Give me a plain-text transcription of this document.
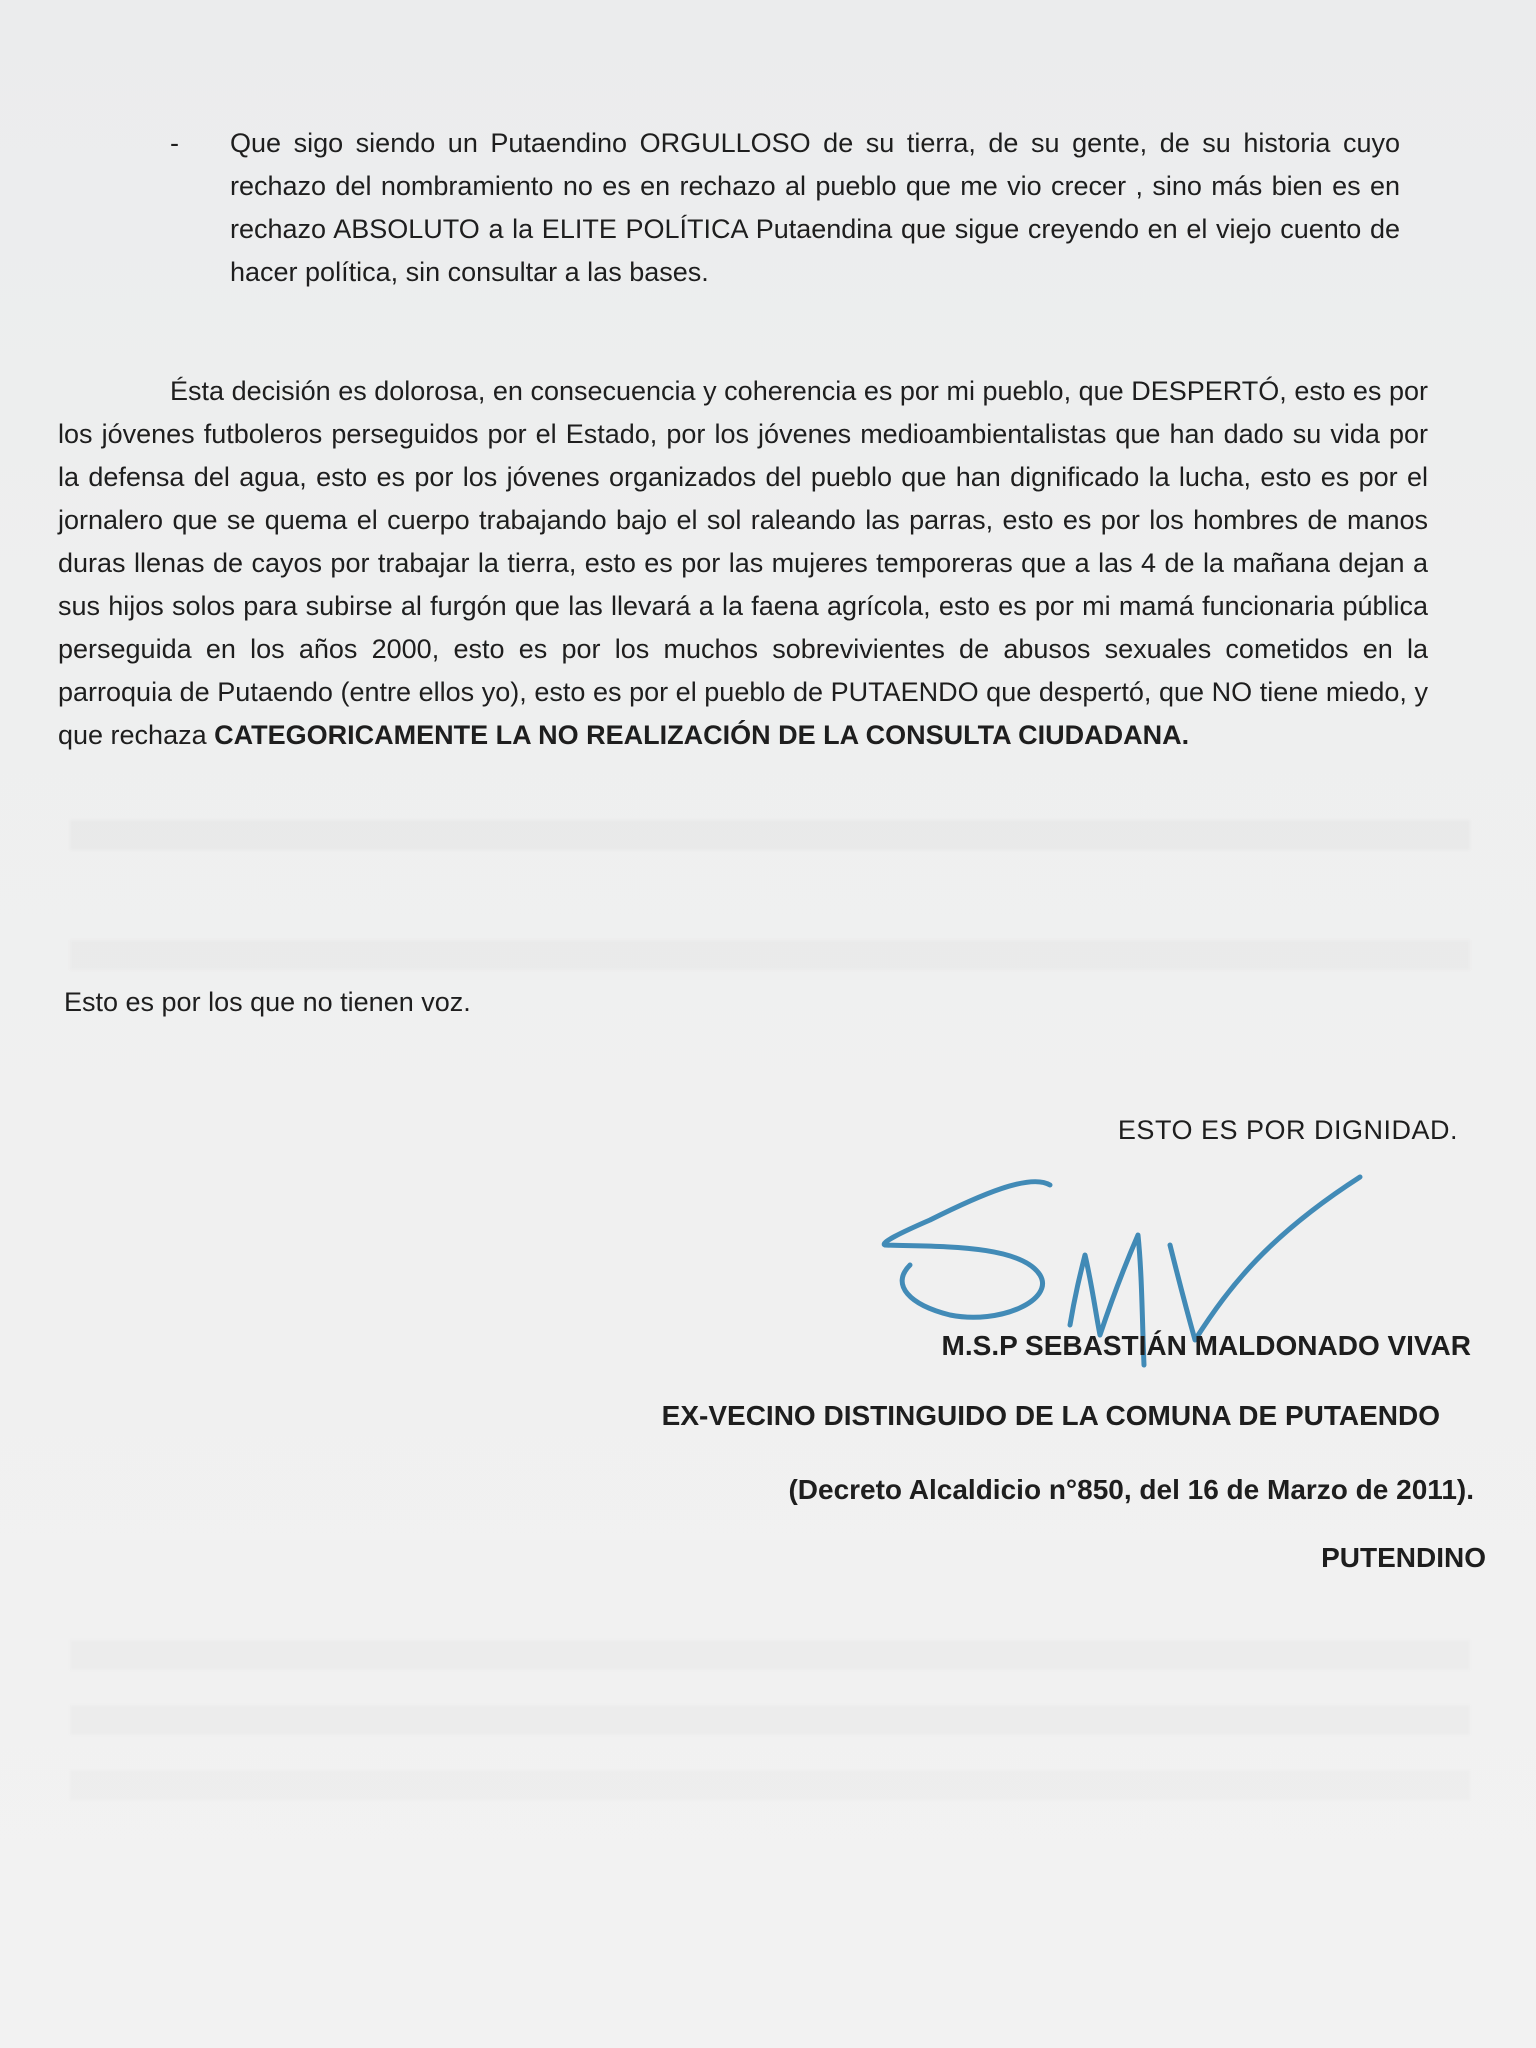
- Que sigo siendo un Putaendino ORGULLOSO de su tierra, de su gente, de su historia cuyo rechazo del nombramiento no es en rechazo al pueblo que me vio crecer , sino más bien es en rechazo ABSOLUTO a la ELITE POLÍTICA Putaendina que sigue creyendo en el viejo cuento de hacer política, sin consultar a las bases.
Ésta decisión es dolorosa, en consecuencia y coherencia es por mi pueblo, que DESPERTÓ, esto es por los jóvenes futboleros perseguidos por el Estado, por los jóvenes medioambientalistas que han dado su vida por la defensa del agua, esto es por los jóvenes organizados del pueblo que han dignificado la lucha, esto es por el jornalero que se quema el cuerpo trabajando bajo el sol raleando las parras, esto es por los hombres de manos duras llenas de cayos por trabajar la tierra, esto es por las mujeres temporeras que a las 4 de la mañana dejan a sus hijos solos para subirse al furgón que las llevará a la faena agrícola, esto es por mi mamá funcionaria pública perseguida en los años 2000, esto es por los muchos sobrevivientes de abusos sexuales cometidos en la parroquia de Putaendo (entre ellos yo), esto es por el pueblo de PUTAENDO que despertó, que NO tiene miedo, y que rechaza CATEGORICAMENTE LA NO REALIZACIÓN DE LA CONSULTA CIUDADANA.
Esto es por los que no tienen voz.
ESTO ES POR DIGNIDAD.
M.S.P SEBASTIÁN MALDONADO VIVAR
EX-VECINO DISTINGUIDO DE LA COMUNA DE PUTAENDO
(Decreto Alcaldicio n°850, del 16 de Marzo de 2011).
PUTENDINO
